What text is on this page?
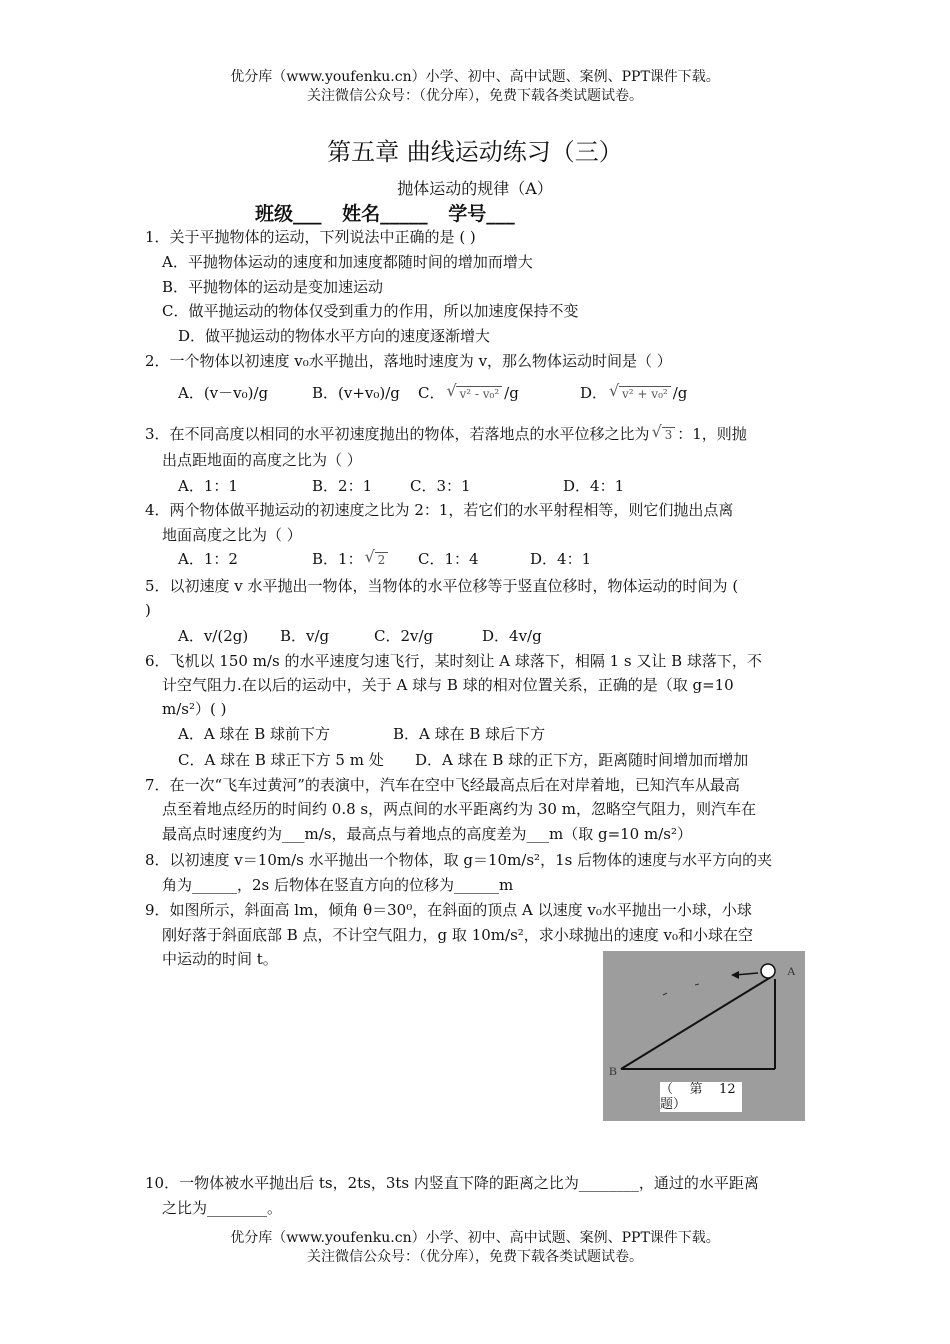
优分库（www.youfenku.cn）小学、初中、高中试题、案例、PPT课件下载。
关注微信公众号：（优分库），免费下载各类试题试卷。
第五章 曲线运动练习（三）
抛体运动的规律（A）
班级___ 姓名_____ 学号___
1．关于平抛物体的运动，下列说法中正确的是 ( )
A．平抛物体运动的速度和加速度都随时间的增加而增大
B．平抛物体的运动是变加速运动
C．做平抛运动的物体仅受到重力的作用，所以加速度保持不变
D．做平抛运动的物体水平方向的速度逐渐增大
2．一个物体以初速度 v₀水平抛出，落地时速度为 v，那么物体运动时间是（ ）
A．(v－v₀)/g	B．(v+v₀)/g C． √ v² - v₀² /g	D． √ v² + v₀² /g
3．在不同高度以相同的水平初速度抛出的物体，若落地点的水平位移之比为 √ 3 ：1，则抛
出点距地面的高度之比为（ ）
A．1：1	B．2：1	C．3：1	D．4：1
4．两个物体做平抛运动的初速度之比为 2：1，若它们的水平射程相等，则它们抛出点离
地面高度之比为（ ）
A．1：2	B．1： √ 2	C．1：4	D．4：1
5．以初速度 v 水平抛出一物体，当物体的水平位移等于竖直位移时，物体运动的时间为 (
)
A．v/(2g) B．v/g	C．2v/g	D．4v/g
6．飞机以 150 m/s 的水平速度匀速飞行，某时刻让 A 球落下，相隔 1 s 又让 B 球落下，不
计空气阻力.在以后的运动中，关于 A 球与 B 球的相对位置关系，正确的是（取 g=10
m/s²）( )
A．A 球在 B 球前下方	B．A 球在 B 球后下方
C．A 球在 B 球正下方 5 m 处 D．A 球在 B 球的正下方，距离随时间增加而增加
7．在一次“飞车过黄河”的表演中，汽车在空中飞经最高点后在对岸着地，已知汽车从最高
点至着地点经历的时间约 0.8 s，两点间的水平距离约为 30 m，忽略空气阻力，则汽车在
最高点时速度约为___m/s，最高点与着地点的高度差为___m（取 g=10 m/s²）
8．以初速度 v＝10m/s 水平抛出一个物体，取 g＝10m/s²，1s 后物体的速度与水平方向的夹
角为______，2s 后物体在竖直方向的位移为______m
9．如图所示，斜面高 lm，倾角 θ＝30⁰，在斜面的顶点 A 以速度 v₀水平抛出一小球，小球
刚好落于斜面底部 B 点，不计空气阻力，g 取 10m/s²，求小球抛出的速度 v₀和小球在空
中运动的时间 t。
A
B
（    第    12
题）
10．一物体被水平抛出后 ts，2ts，3ts 内竖直下降的距离之比为________，通过的水平距离
之比为________。
优分库（www.youfenku.cn）小学、初中、高中试题、案例、PPT课件下载。
关注微信公众号：（优分库），免费下载各类试题试卷。
